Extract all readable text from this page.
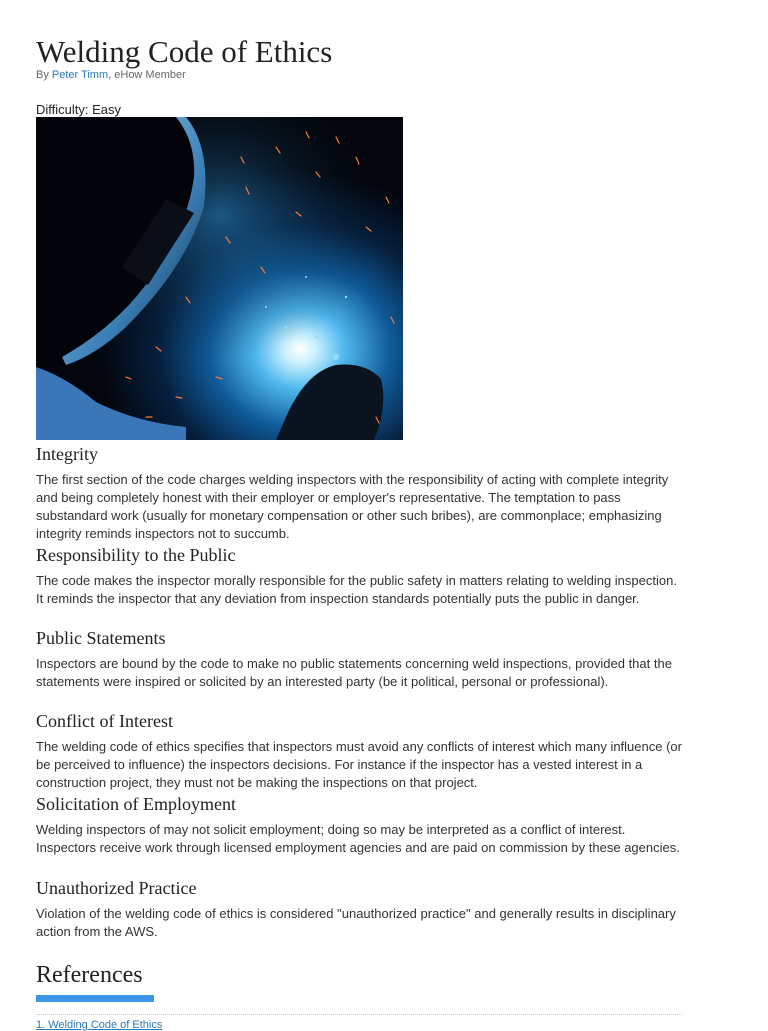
Welding Code of Ethics
By Peter Timm, eHow Member
Difficulty: Easy
Integrity

The first section of the code charges welding inspectors with the responsibility of acting with complete integrity and being completely honest with their employer or employer's representative. The temptation to pass substandard work (usually for monetary compensation or other such bribes), are commonplace; emphasizing integrity reminds inspectors not to succumb.

Responsibility to the Public

The code makes the inspector morally responsible for the public safety in matters relating to welding inspection. It reminds the inspector that any deviation from inspection standards potentially puts the public in danger.

Public Statements

Inspectors are bound by the code to make no public statements concerning weld inspections, provided that the statements were inspired or solicited by an interested party (be it political, personal or professional).

Conflict of Interest

The welding code of ethics specifies that inspectors must avoid any conflicts of interest which many influence (or be perceived to influence) the inspectors decisions. For instance if the inspector has a vested interest in a construction project, they must not be making the inspections on that project.

Solicitation of Employment

Welding inspectors of may not solicit employment; doing so may be interpreted as a conflict of interest. Inspectors receive work through licensed employment agencies and are paid on commission by these agencies.

Unauthorized Practice

Violation of the welding code of ethics is considered "unauthorized practice" and generally results in disciplinary action from the AWS.

References
1. Welding Code of Ethics
